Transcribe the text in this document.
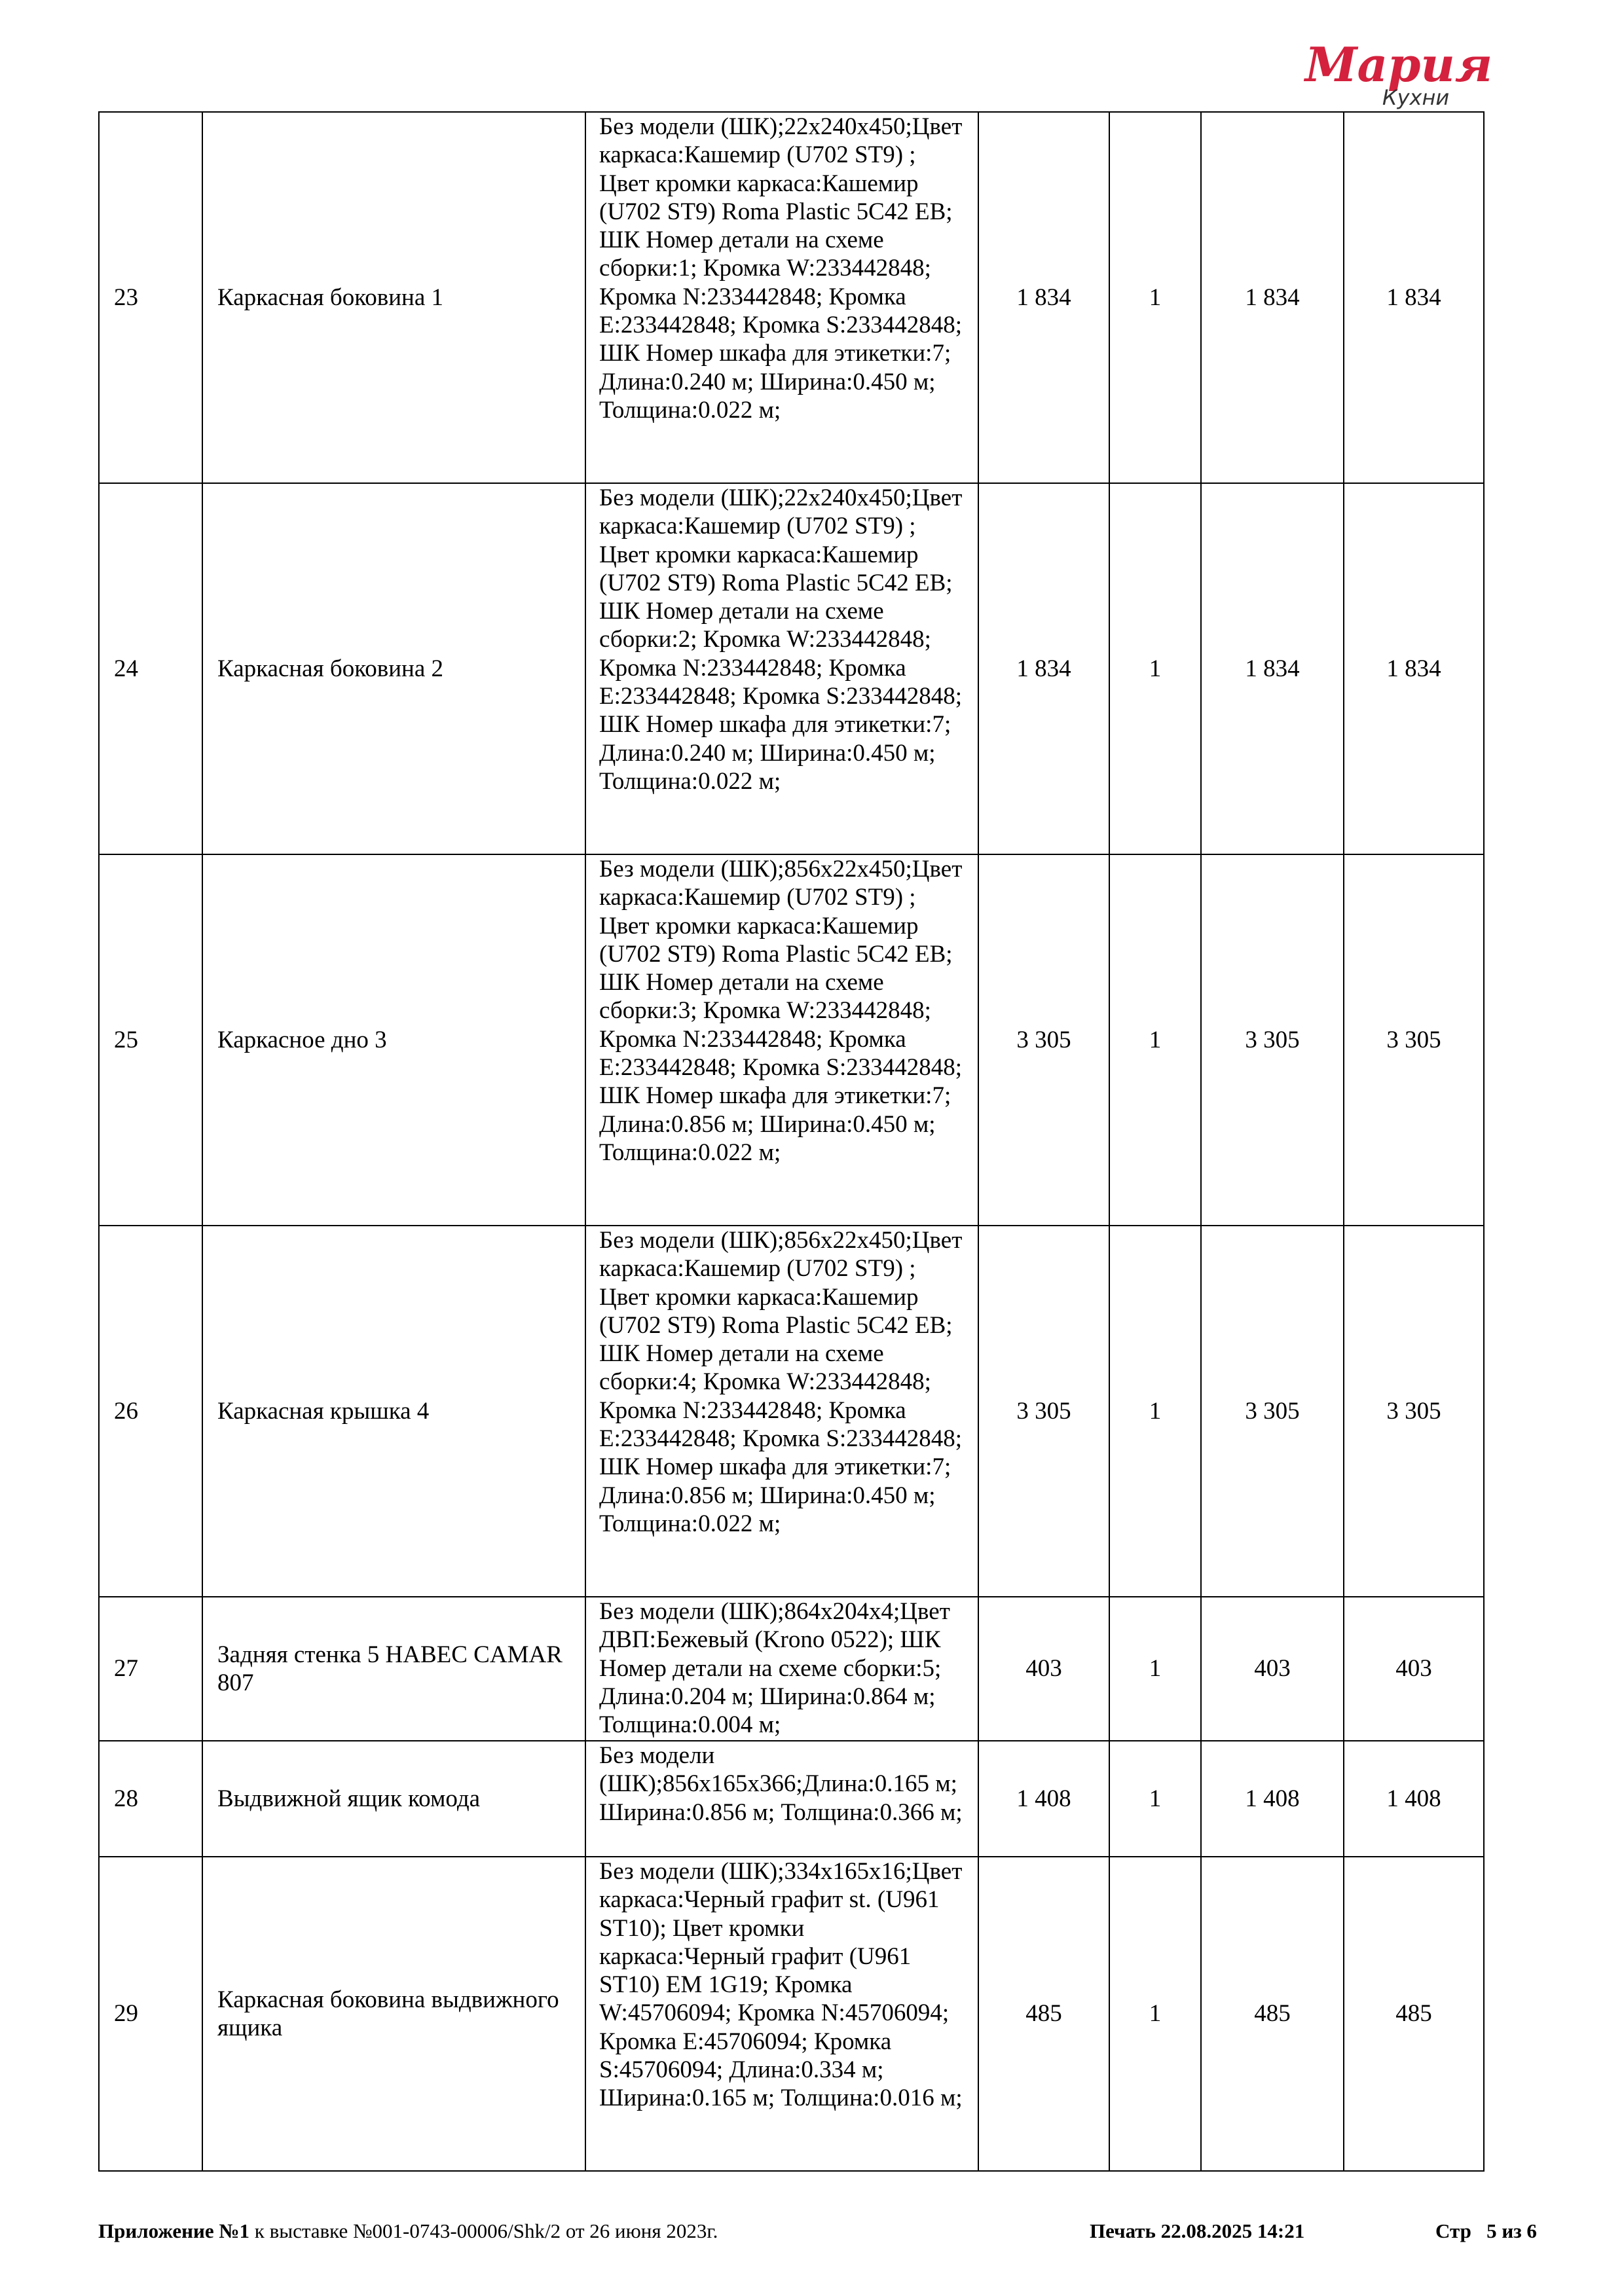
Мария
Кухни
23	Каркасная боковина 1	Без модели (ШК);22x240x450;Цвет каркаса:Кашемир (U702 ST9) ; Цвет кромки каркаса:Кашемир (U702 ST9) Roma Plastic 5C42 EB; ШК Номер детали на схеме сборки:1; Кромка W:233442848; Кромка N:233442848; Кромка E:233442848; Кромка S:233442848; ШК Номер шкафа для этикетки:7; Длина:0.240 м; Ширина:0.450 м; Толщина:0.022 м;	1 834	1	1 834	1 834
24	Каркасная боковина 2	Без модели (ШК);22x240x450;Цвет каркаса:Кашемир (U702 ST9) ; Цвет кромки каркаса:Кашемир (U702 ST9) Roma Plastic 5C42 EB; ШК Номер детали на схеме сборки:2; Кромка W:233442848; Кромка N:233442848; Кромка E:233442848; Кромка S:233442848; ШК Номер шкафа для этикетки:7; Длина:0.240 м; Ширина:0.450 м; Толщина:0.022 м;	1 834	1	1 834	1 834
25	Каркасное дно 3	Без модели (ШК);856x22x450;Цвет каркаса:Кашемир (U702 ST9) ; Цвет кромки каркаса:Кашемир (U702 ST9) Roma Plastic 5C42 EB; ШК Номер детали на схеме сборки:3; Кромка W:233442848; Кромка N:233442848; Кромка E:233442848; Кромка S:233442848; ШК Номер шкафа для этикетки:7; Длина:0.856 м; Ширина:0.450 м; Толщина:0.022 м;	3 305	1	3 305	3 305
26	Каркасная крышка 4	Без модели (ШК);856x22x450;Цвет каркаса:Кашемир (U702 ST9) ; Цвет кромки каркаса:Кашемир (U702 ST9) Roma Plastic 5C42 EB; ШК Номер детали на схеме сборки:4; Кромка W:233442848; Кромка N:233442848; Кромка E:233442848; Кромка S:233442848; ШК Номер шкафа для этикетки:7; Длина:0.856 м; Ширина:0.450 м; Толщина:0.022 м;	3 305	1	3 305	3 305
27	Задняя стенка 5 HABEC CAMAR 807	Без модели (ШК);864x204x4;Цвет ДВП:Бежевый (Krono 0522); ШК Номер детали на схеме сборки:5; Длина:0.204 м; Ширина:0.864 м; Толщина:0.004 м;	403	1	403	403
28	Выдвижной ящик комода	Без модели (ШК);856x165x366;Длина:0.165 м; Ширина:0.856 м; Толщина:0.366 м;	1 408	1	1 408	1 408
29	Каркасная боковина выдвижного ящика	Без модели (ШК);334x165x16;Цвет каркаса:Черный графит st. (U961 ST10); Цвет кромки каркаса:Черный графит (U961 ST10) EM 1G19; Кромка W:45706094; Кромка N:45706094; Кромка E:45706094; Кромка S:45706094; Длина:0.334 м; Ширина:0.165 м; Толщина:0.016 м;	485	1	485	485
Приложение №1 к выставке №001-0743-00006/Shk/2 от 26 июня 2023г.	Печать 22.08.2025 14:21	Стр 5 из 6
